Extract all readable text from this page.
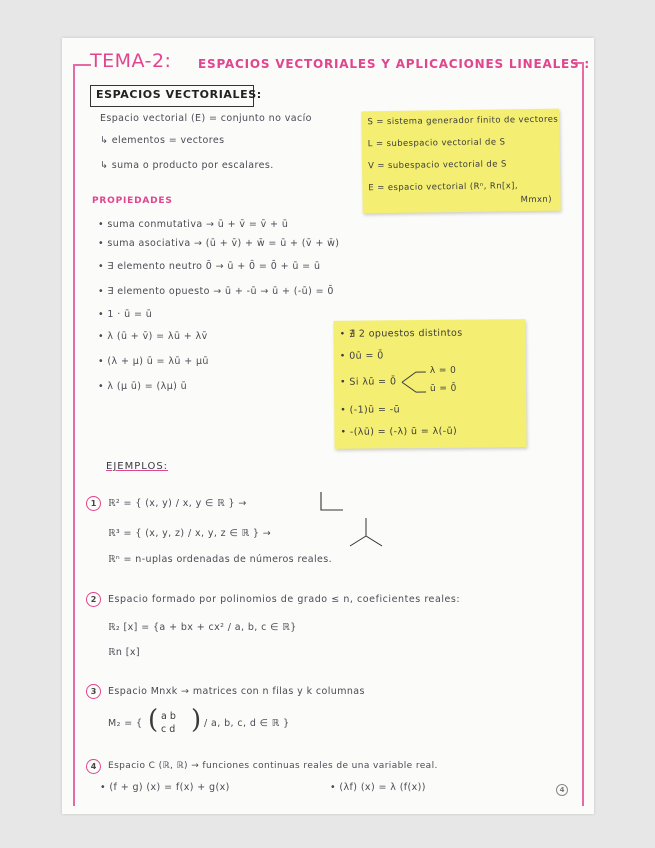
TEMA-2: ESPACIOS VECTORIALES Y APLICACIONES LINEALES :
ESPACIOS VECTORIALES:
Espacio vectorial (E) = conjunto no vacío
↳ elementos = vectores
↳ suma o producto por escalares.
S = sistema generador finito de vectores
L = subespacio vectorial de S
V = subespacio vectorial de S
E = espacio vectorial (Rⁿ, Rn[x],
Mmxn)
PROPIEDADES
• suma conmutativa → ū + v̄ = v̄ + ū
• suma asociativa → (ū + v̄) + w̄ = ū + (v̄ + w̄)
• ∃ elemento neutro 0̄ → ū + 0̄ = 0̄ + ū = ū
• ∃ elemento opuesto → ū + -ū → ū + (-ū) = 0̄
• 1 · ū = ū
• λ (ū + v̄) = λū + λv̄
• (λ + μ) ū = λū + μū
• λ (μ ū) = (λμ) ū
• ∄ 2 opuestos distintos
• 0ū = 0̄
• Si λū = 0̄
λ = 0
ū = 0̄
• (-1)ū = -ū
• -(λū) = (-λ) ū = λ(-ū)
EJEMPLOS:
1	ℝ² = { (x, y) / x, y ∈ ℝ } →
ℝ³ = { (x, y, z) / x, y, z ∈ ℝ } →
ℝⁿ = n-uplas ordenadas de números reales.
2	Espacio formado por polinomios de grado ≤ n, coeficientes reales:
ℝ₂ [x] = {a + bx + cx² / a, b, c ∈ ℝ}
ℝn [x]
3	Espacio Mnxk → matrices con n filas y k columnas
M₂ = { ( a b
c d ) / a, b, c, d ∈ ℝ }
4	Espacio C (ℝ, ℝ) → funciones continuas reales de una variable real.
• (f + g) (x) = f(x) + g(x)	• (λf) (x) = λ (f(x))	4
